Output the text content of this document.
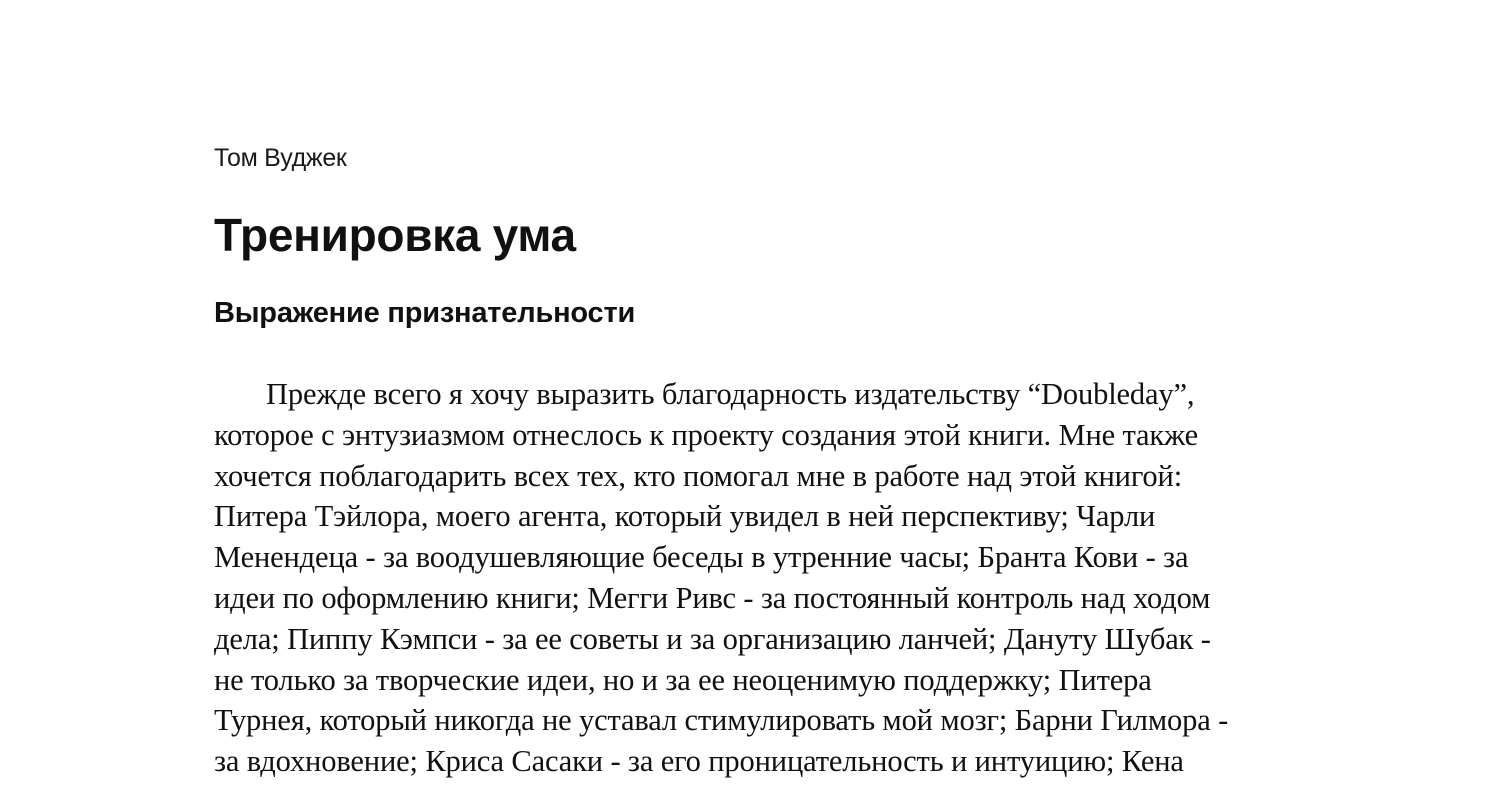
Том Вуджек
Тренировка ума
Выражение признательности
Прежде всего я хочу выразить благодарность издательству “Doubleday”,
которое с энтузиазмом отнеслось к проекту создания этой книги. Мне также
хочется поблагодарить всех тех, кто помогал мне в работе над этой книгой:
Питера Тэйлора, моего агента, который увидел в ней перспективу; Чарли
Менендеца - за воодушевляющие беседы в утренние часы; Бранта Кови - за
идеи по оформлению книги; Мегги Ривс - за постоянный контроль над ходом
дела; Пиппу Кэмпси - за ее советы и за организацию ланчей; Дануту Шубак -
не только за творческие идеи, но и за ее неоценимую поддержку; Питера
Турнея, который никогда не уставал стимулировать мой мозг; Барни Гилмора -
за вдохновение; Криса Сасаки - за его проницательность и интуицию; Кена
